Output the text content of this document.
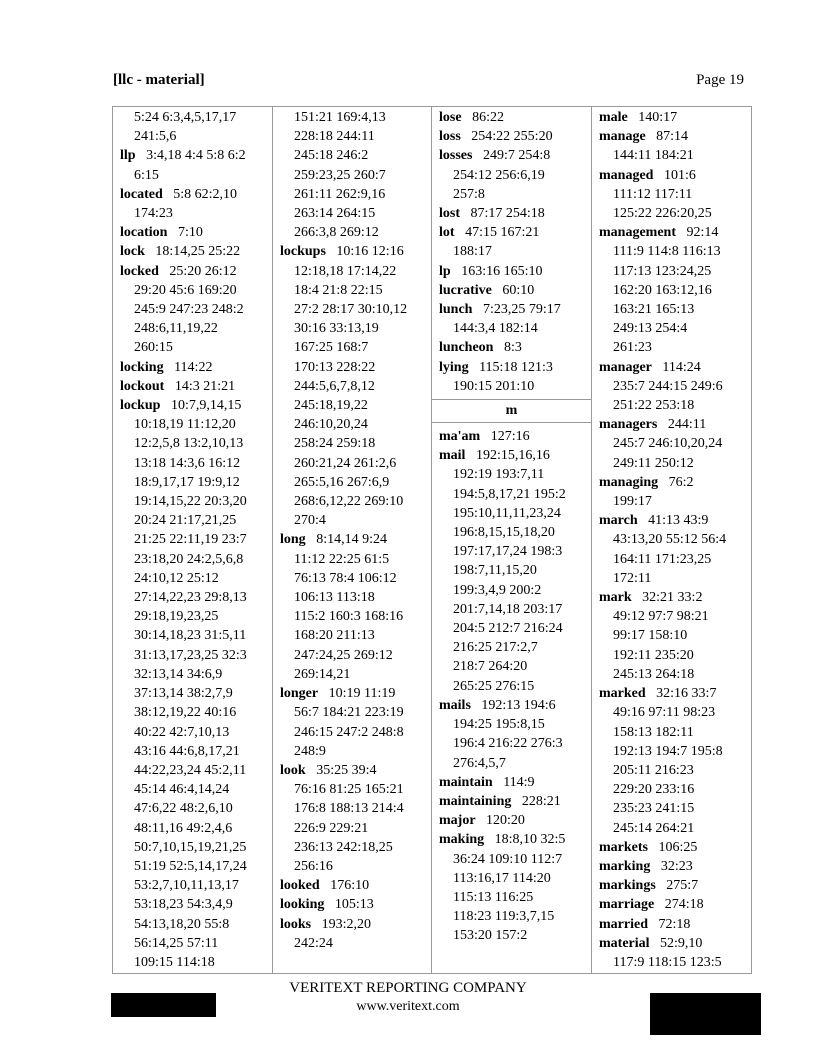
[llc - material]	Page 19
5:24 6:3,4,5,17,17
241:5,6
llp 3:4,18 4:4 5:8 6:2
6:15
located 5:8 62:2,10
174:23
location 7:10
lock 18:14,25 25:22
locked 25:20 26:12
29:20 45:6 169:20
245:9 247:23 248:2
248:6,11,19,22
260:15
locking 114:22
lockout 14:3 21:21
lockup 10:7,9,14,15
10:18,19 11:12,20
12:2,5,8 13:2,10,13
13:18 14:3,6 16:12
18:9,17,17 19:9,12
19:14,15,22 20:3,20
20:24 21:17,21,25
21:25 22:11,19 23:7
23:18,20 24:2,5,6,8
24:10,12 25:12
27:14,22,23 29:8,13
29:18,19,23,25
30:14,18,23 31:5,11
31:13,17,23,25 32:3
32:13,14 34:6,9
37:13,14 38:2,7,9
38:12,19,22 40:16
40:22 42:7,10,13
43:16 44:6,8,17,21
44:22,23,24 45:2,11
45:14 46:4,14,24
47:6,22 48:2,6,10
48:11,16 49:2,4,6
50:7,10,15,19,21,25
51:19 52:5,14,17,24
53:2,7,10,11,13,17
53:18,23 54:3,4,9
54:13,18,20 55:8
56:14,25 57:11
109:15 114:18
151:21 169:4,13
228:18 244:11
245:18 246:2
259:23,25 260:7
261:11 262:9,16
263:14 264:15
266:3,8 269:12
lockups 10:16 12:16
12:18,18 17:14,22
18:4 21:8 22:15
27:2 28:17 30:10,12
30:16 33:13,19
167:25 168:7
170:13 228:22
244:5,6,7,8,12
245:18,19,22
246:10,20,24
258:24 259:18
260:21,24 261:2,6
265:5,16 267:6,9
268:6,12,22 269:10
270:4
long 8:14,14 9:24
11:12 22:25 61:5
76:13 78:4 106:12
106:13 113:18
115:2 160:3 168:16
168:20 211:13
247:24,25 269:12
269:14,21
longer 10:19 11:19
56:7 184:21 223:19
246:15 247:2 248:8
248:9
look 35:25 39:4
76:16 81:25 165:21
176:8 188:13 214:4
226:9 229:21
236:13 242:18,25
256:16
looked 176:10
looking 105:13
looks 193:2,20
242:24
lose 86:22
loss 254:22 255:20
losses 249:7 254:8
254:12 256:6,19
257:8
lost 87:17 254:18
lot 47:15 167:21
188:17
lp 163:16 165:10
lucrative 60:10
lunch 7:23,25 79:17
144:3,4 182:14
luncheon 8:3
lying 115:18 121:3
190:15 201:10
m
ma'am 127:16
mail 192:15,16,16
192:19 193:7,11
194:5,8,17,21 195:2
195:10,11,11,23,24
196:8,15,15,18,20
197:17,17,24 198:3
198:7,11,15,20
199:3,4,9 200:2
201:7,14,18 203:17
204:5 212:7 216:24
216:25 217:2,7
218:7 264:20
265:25 276:15
mails 192:13 194:6
194:25 195:8,15
196:4 216:22 276:3
276:4,5,7
maintain 114:9
maintaining 228:21
major 120:20
making 18:8,10 32:5
36:24 109:10 112:7
113:16,17 114:20
115:13 116:25
118:23 119:3,7,15
153:20 157:2
male 140:17
manage 87:14
144:11 184:21
managed 101:6
111:12 117:11
125:22 226:20,25
management 92:14
111:9 114:8 116:13
117:13 123:24,25
162:20 163:12,16
163:21 165:13
249:13 254:4
261:23
manager 114:24
235:7 244:15 249:6
251:22 253:18
managers 244:11
245:7 246:10,20,24
249:11 250:12
managing 76:2
199:17
march 41:13 43:9
43:13,20 55:12 56:4
164:11 171:23,25
172:11
mark 32:21 33:2
49:12 97:7 98:21
99:17 158:10
192:11 235:20
245:13 264:18
marked 32:16 33:7
49:16 97:11 98:23
158:13 182:11
192:13 194:7 195:8
205:11 216:23
229:20 233:16
235:23 241:15
245:14 264:21
markets 106:25
marking 32:23
markings 275:7
marriage 274:18
married 72:18
material 52:9,10
117:9 118:15 123:5
VERITEXT REPORTING COMPANY
www.veritext.com
